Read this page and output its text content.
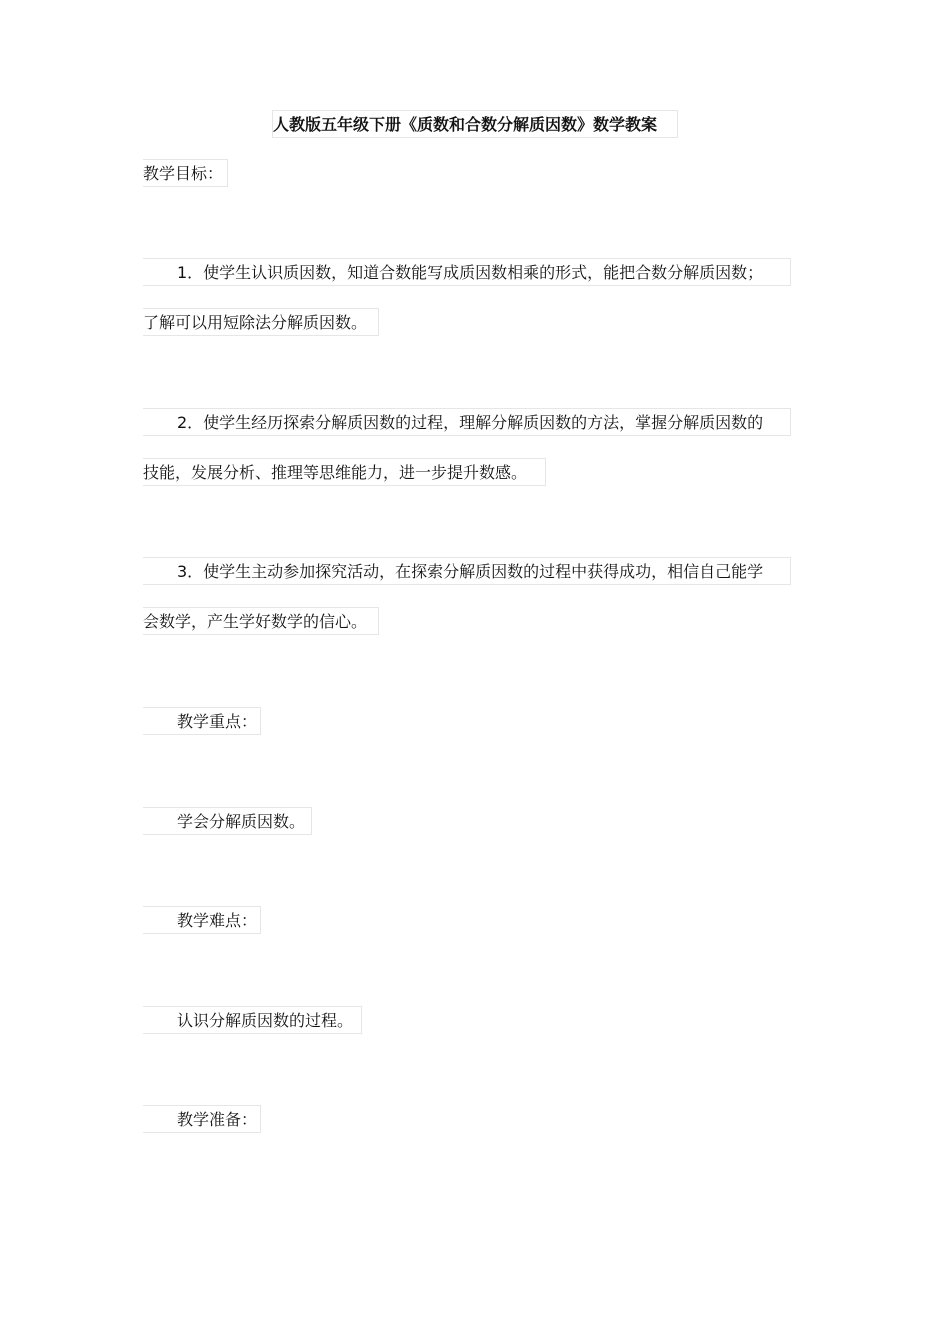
人教版五年级下册《质数和合数分解质因数》数学教案
教学目标：
1．使学生认识质因数，知道合数能写成质因数相乘的形式，能把合数分解质因数；
了解可以用短除法分解质因数。
2．使学生经历探索分解质因数的过程，理解分解质因数的方法，掌握分解质因数的
技能，发展分析、推理等思维能力，进一步提升数感。
3．使学生主动参加探究活动，在探索分解质因数的过程中获得成功，相信自己能学
会数学，产生学好数学的信心。
教学重点：
学会分解质因数。
教学难点：
认识分解质因数的过程。
教学准备：
